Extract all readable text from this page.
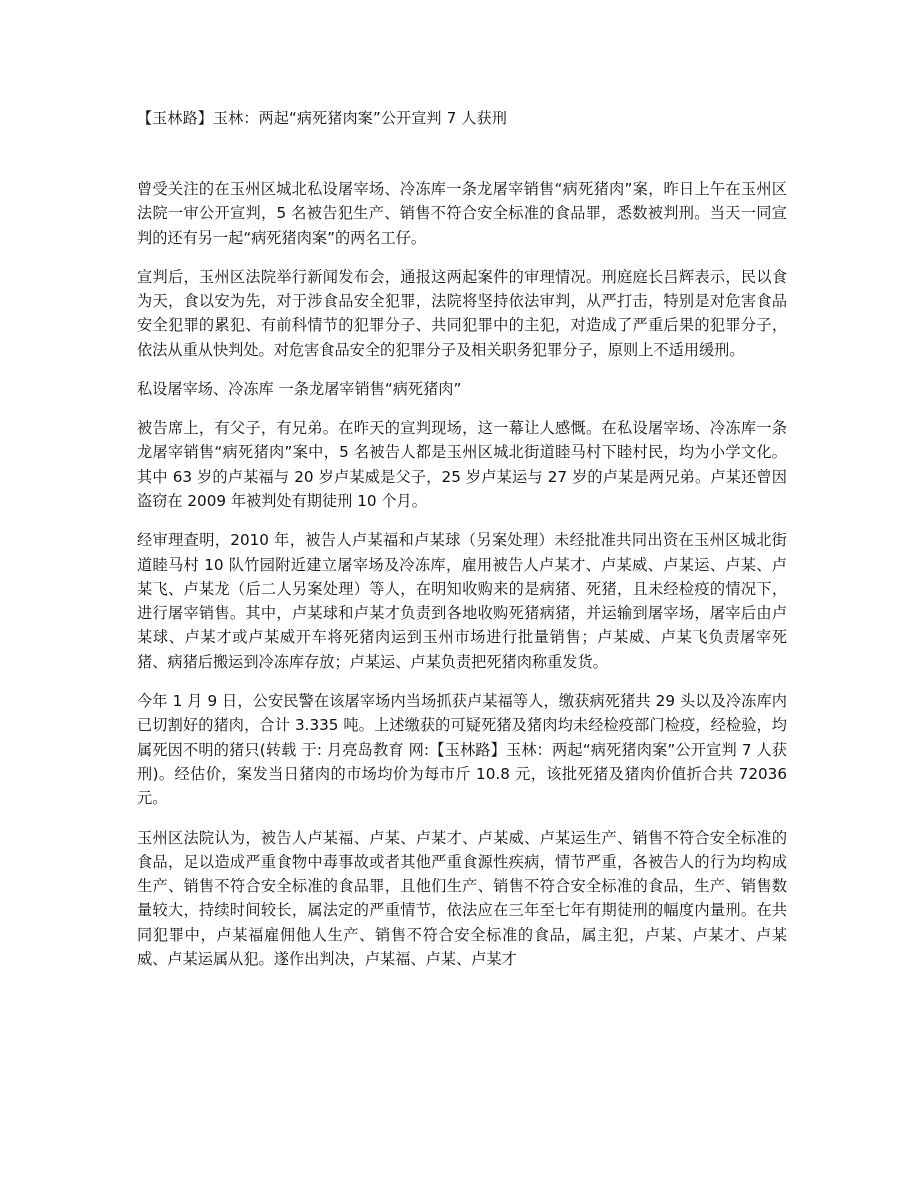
【玉林路】玉林：两起“病死猪肉案”公开宣判 7 人获刑

曾受关注的在玉州区城北私设屠宰场、冷冻库一条龙屠宰销售“病死猪肉”案，昨日上午在玉州区法院一审公开宣判，5 名被告犯生产、销售不符合安全标准的食品罪，悉数被判刑。当天一同宣判的还有另一起“病死猪肉案”的两名工仔。

宣判后，玉州区法院举行新闻发布会，通报这两起案件的审理情况。刑庭庭长吕辉表示，民以食为天，食以安为先，对于涉食品安全犯罪，法院将坚持依法审判，从严打击，特别是对危害食品安全犯罪的累犯、有前科情节的犯罪分子、共同犯罪中的主犯，对造成了严重后果的犯罪分子，依法从重从快判处。对危害食品安全的犯罪分子及相关职务犯罪分子，原则上不适用缓刑。

私设屠宰场、冷冻库 一条龙屠宰销售“病死猪肉”

被告席上，有父子，有兄弟。在昨天的宣判现场，这一幕让人感慨。在私设屠宰场、冷冻库一条龙屠宰销售“病死猪肉”案中，5 名被告人都是玉州区城北街道睦马村下睦村民，均为小学文化。其中 63 岁的卢某福与 20 岁卢某威是父子，25 岁卢某运与 27 岁的卢某是两兄弟。卢某还曾因盗窃在 2009 年被判处有期徒刑 10 个月。

经审理查明，2010 年，被告人卢某福和卢某球（另案处理）未经批准共同出资在玉州区城北街道睦马村 10 队竹园附近建立屠宰场及冷冻库，雇用被告人卢某才、卢某威、卢某运、卢某、卢某飞、卢某龙（后二人另案处理）等人，在明知收购来的是病猪、死猪，且未经检疫的情况下，进行屠宰销售。其中，卢某球和卢某才负责到各地收购死猪病猪，并运输到屠宰场，屠宰后由卢某球、卢某才或卢某威开车将死猪肉运到玉州市场进行批量销售；卢某威、卢某飞负责屠宰死猪、病猪后搬运到冷冻库存放；卢某运、卢某负责把死猪肉称重发货。

今年 1 月 9 日，公安民警在该屠宰场内当场抓获卢某福等人，缴获病死猪共 29 头以及冷冻库内已切割好的猪肉，合计 3.335 吨。上述缴获的可疑死猪及猪肉均未经检疫部门检疫，经检验，均属死因不明的猪只(转载 于: 月亮岛教育 网:【玉林路】玉林：两起“病死猪肉案”公开宣判 7 人获刑)。经估价，案发当日猪肉的市场均价为每市斤 10.8 元，该批死猪及猪肉价值折合共 72036 元。

玉州区法院认为，被告人卢某福、卢某、卢某才、卢某威、卢某运生产、销售不符合安全标准的食品，足以造成严重食物中毒事故或者其他严重食源性疾病，情节严重，各被告人的行为均构成生产、销售不符合安全标准的食品罪，且他们生产、销售不符合安全标准的食品，生产、销售数量较大，持续时间较长，属法定的严重情节，依法应在三年至七年有期徒刑的幅度内量刑。在共同犯罪中，卢某福雇佣他人生产、销售不符合安全标准的食品，属主犯，卢某、卢某才、卢某威、卢某运属从犯。遂作出判决，卢某福、卢某、卢某才
